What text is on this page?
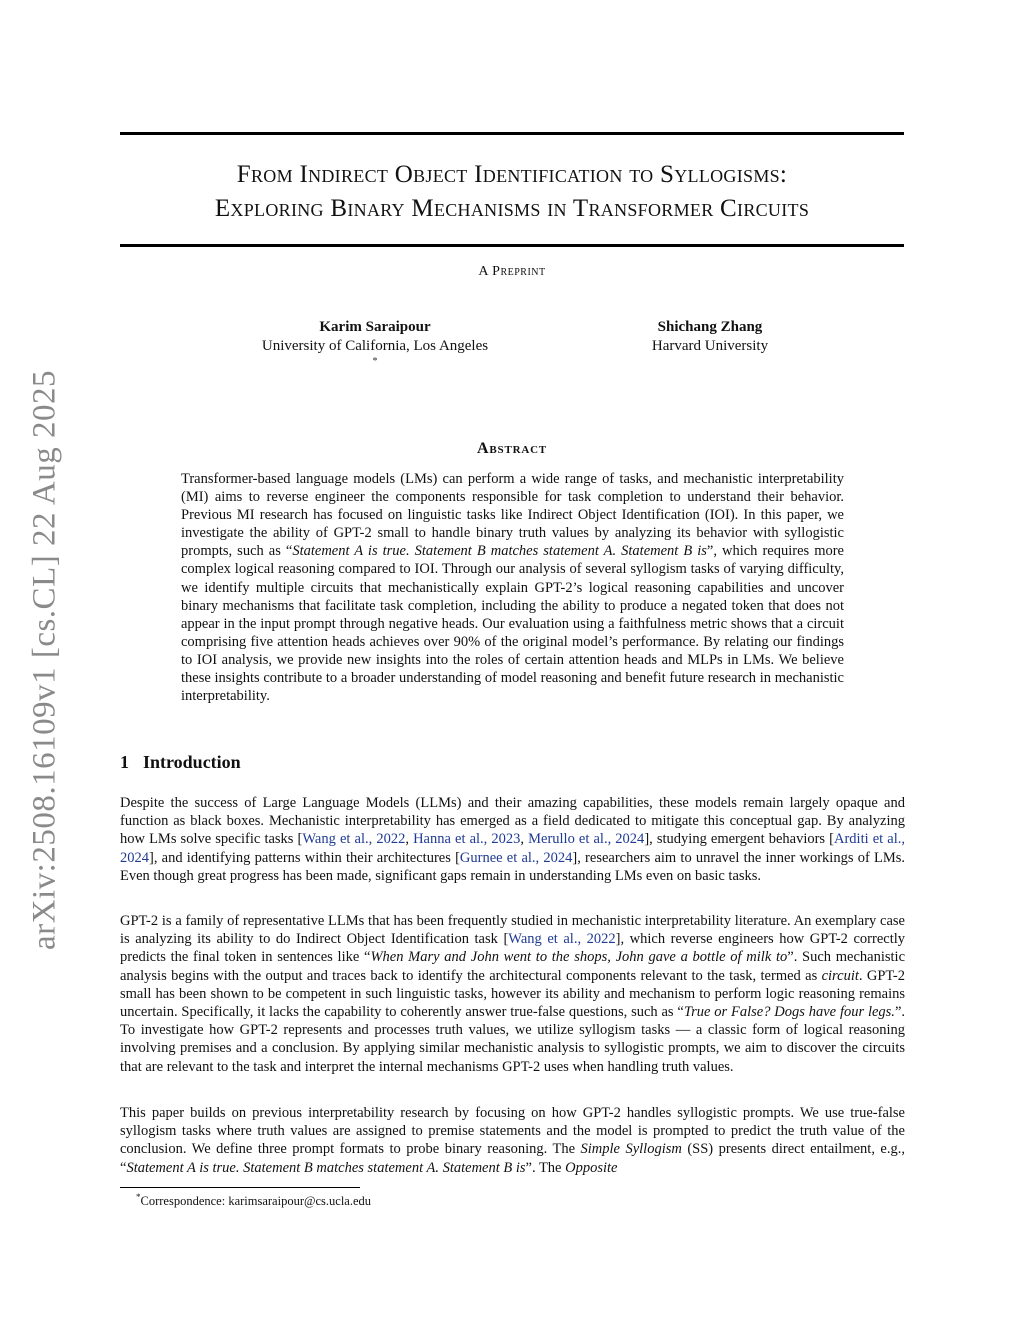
arXiv:2508.16109v1 [cs.CL] 22 Aug 2025
From Indirect Object Identification to Syllogisms:
Exploring Binary Mechanisms in Transformer Circuits
A Preprint
Karim Saraipour
University of California, Los Angeles
*
Shichang Zhang
Harvard University
Abstract
Transformer-based language models (LMs) can perform a wide range of tasks, and mechanistic interpretability (MI) aims to reverse engineer the components responsible for task completion to understand their behavior. Previous MI research has focused on linguistic tasks like Indirect Object Identification (IOI). In this paper, we investigate the ability of GPT-2 small to handle binary truth values by analyzing its behavior with syllogistic prompts, such as “Statement A is true. Statement B matches statement A. Statement B is”, which requires more complex logical reasoning compared to IOI. Through our analysis of several syllogism tasks of varying difficulty, we identify multiple circuits that mechanistically explain GPT-2’s logical reasoning capabilities and uncover binary mechanisms that facilitate task completion, including the ability to produce a negated token that does not appear in the input prompt through negative heads. Our evaluation using a faithfulness metric shows that a circuit comprising five attention heads achieves over 90% of the original model’s performance. By relating our findings to IOI analysis, we provide new insights into the roles of certain attention heads and MLPs in LMs. We believe these insights contribute to a broader understanding of model reasoning and benefit future research in mechanistic interpretability.
1 Introduction

Despite the success of Large Language Models (LLMs) and their amazing capabilities, these models remain largely opaque and function as black boxes. Mechanistic interpretability has emerged as a field dedicated to mitigate this conceptual gap. By analyzing how LMs solve specific tasks [Wang et al., 2022, Hanna et al., 2023, Merullo et al., 2024], studying emergent behaviors [Arditi et al., 2024], and identifying patterns within their architectures [Gurnee et al., 2024], researchers aim to unravel the inner workings of LMs. Even though great progress has been made, significant gaps remain in understanding LMs even on basic tasks.

GPT-2 is a family of representative LLMs that has been frequently studied in mechanistic interpretability literature. An exemplary case is analyzing its ability to do Indirect Object Identification task [Wang et al., 2022], which reverse engineers how GPT-2 correctly predicts the final token in sentences like “When Mary and John went to the shops, John gave a bottle of milk to”. Such mechanistic analysis begins with the output and traces back to identify the architectural components relevant to the task, termed as circuit. GPT-2 small has been shown to be competent in such linguistic tasks, however its ability and mechanism to perform logic reasoning remains uncertain. Specifically, it lacks the capability to coherently answer true-false questions, such as “True or False? Dogs have four legs.”. To investigate how GPT-2 represents and processes truth values, we utilize syllogism tasks — a classic form of logical reasoning involving premises and a conclusion. By applying similar mechanistic analysis to syllogistic prompts, we aim to discover the circuits that are relevant to the task and interpret the internal mechanisms GPT-2 uses when handling truth values.

This paper builds on previous interpretability research by focusing on how GPT-2 handles syllogistic prompts. We use true-false syllogism tasks where truth values are assigned to premise statements and the model is prompted to predict the truth value of the conclusion. We define three prompt formats to probe binary reasoning. The Simple Syllogism (SS) presents direct entailment, e.g., “Statement A is true. Statement B matches statement A. Statement B is”. The Opposite

*Correspondence: karimsaraipour@cs.ucla.edu
